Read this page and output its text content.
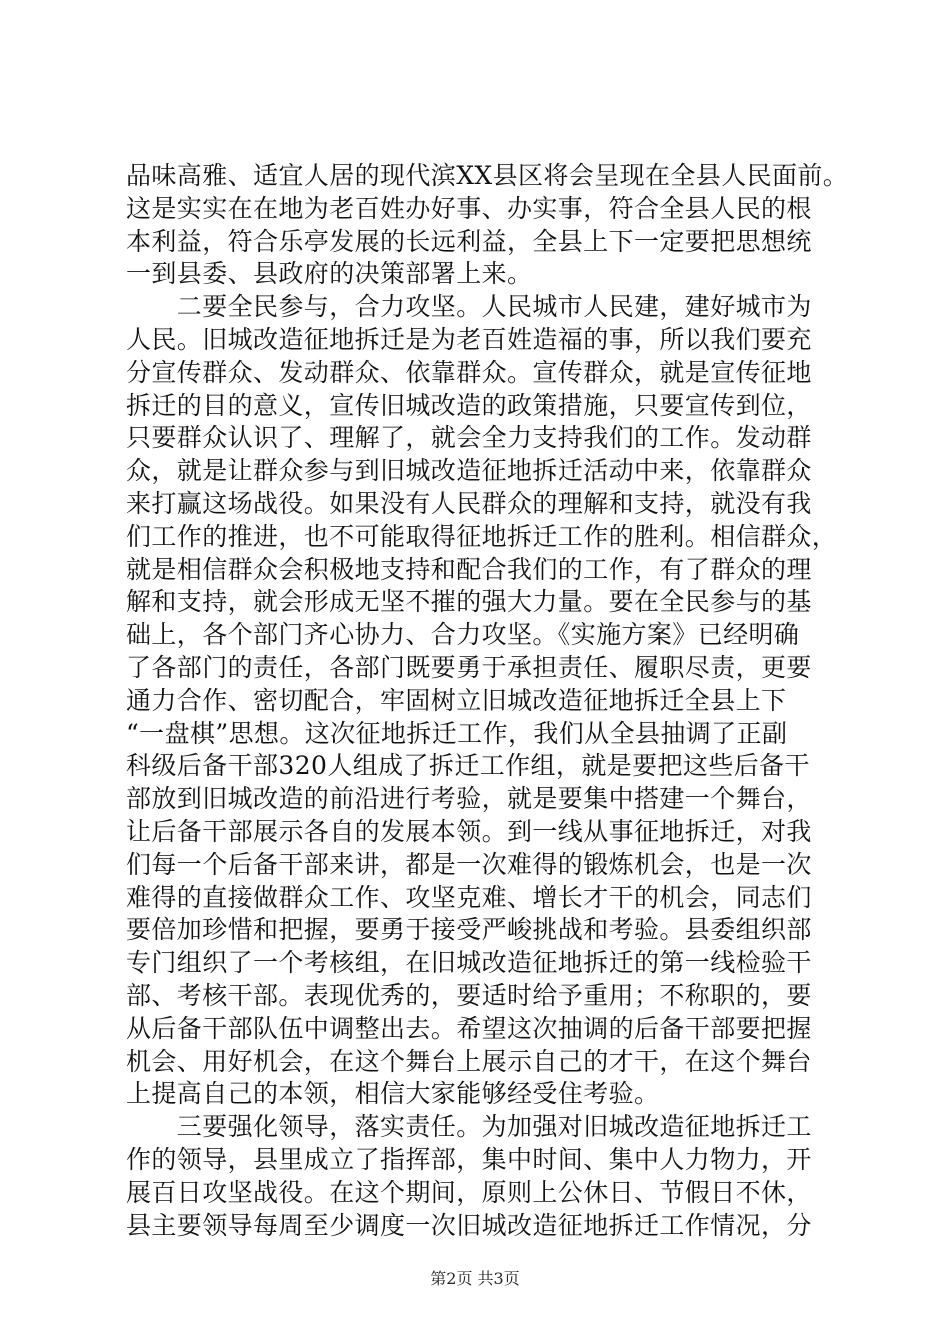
品味高雅、适宜人居的现代滨XX县区将会呈现在全县人民面前。
这是实实在在地为老百姓办好事、办实事，符合全县人民的根
本利益，符合乐亭发展的长远利益，全县上下一定要把思想统
一到县委、县政府的决策部署上来。
　　二要全民参与，合力攻坚。人民城市人民建，建好城市为
人民。旧城改造征地拆迁是为老百姓造福的事，所以我们要充
分宣传群众、发动群众、依靠群众。宣传群众，就是宣传征地
拆迁的目的意义，宣传旧城改造的政策措施，只要宣传到位，
只要群众认识了、理解了，就会全力支持我们的工作。发动群
众，就是让群众参与到旧城改造征地拆迁活动中来，依靠群众
来打赢这场战役。如果没有人民群众的理解和支持，就没有我
们工作的推进，也不可能取得征地拆迁工作的胜利。相信群众，
就是相信群众会积极地支持和配合我们的工作，有了群众的理
解和支持，就会形成无坚不摧的强大力量。要在全民参与的基
础上，各个部门齐心协力、合力攻坚。《实施方案》已经明确
了各部门的责任，各部门既要勇于承担责任、履职尽责，更要
通力合作、密切配合，牢固树立旧城改造征地拆迁全县上下
“一盘棋”思想。这次征地拆迁工作，我们从全县抽调了正副
科级后备干部320人组成了拆迁工作组，就是要把这些后备干
部放到旧城改造的前沿进行考验，就是要集中搭建一个舞台，
让后备干部展示各自的发展本领。到一线从事征地拆迁，对我
们每一个后备干部来讲，都是一次难得的锻炼机会，也是一次
难得的直接做群众工作、攻坚克难、增长才干的机会，同志们
要倍加珍惜和把握，要勇于接受严峻挑战和考验。县委组织部
专门组织了一个考核组，在旧城改造征地拆迁的第一线检验干
部、考核干部。表现优秀的，要适时给予重用；不称职的，要
从后备干部队伍中调整出去。希望这次抽调的后备干部要把握
机会、用好机会，在这个舞台上展示自己的才干，在这个舞台
上提高自己的本领，相信大家能够经受住考验。
　　三要强化领导，落实责任。为加强对旧城改造征地拆迁工
作的领导，县里成立了指挥部，集中时间、集中人力物力，开
展百日攻坚战役。在这个期间，原则上公休日、节假日不休，
县主要领导每周至少调度一次旧城改造征地拆迁工作情况，分
第2页 共3页
